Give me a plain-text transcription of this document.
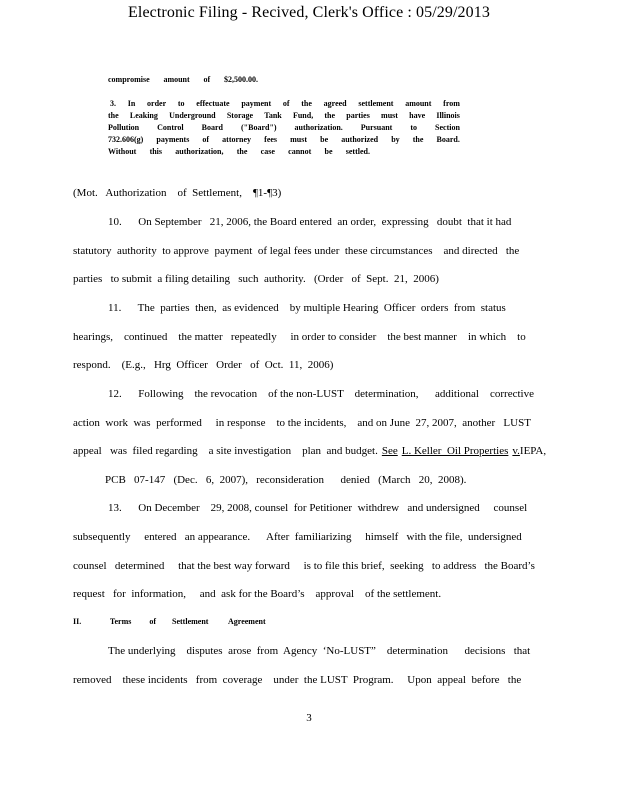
Electronic Filing - Recived, Clerk's Office : 05/29/2013
compromise amount of $2,500.00.
3. In order to effectuate payment of the agreed settlement amount from
the Leaking Underground Storage Tank Fund, the parties must have Illinois
Pollution Control Board ("Board") authorization. Pursuant to Section
732.606(g) payments of attorney fees must be authorized by the Board.
Without this authorization, the case cannot be settled.
(Mot.   Authorization    of  Settlement,    ¶1-¶3)
10.      On September   21, 2006, the Board entered  an order,  expressing   doubt  that it had
statutory  authority  to approve  payment  of legal fees under  these circumstances    and directed   the
parties   to submit  a filing detailing   such  authority.   (Order   of  Sept.  21,  2006)
11.      The  parties  then,  as evidenced    by multiple Hearing  Officer  orders  from  status
hearings,    continued    the matter   repeatedly     in order to consider    the best manner    in which    to
respond.    (E.g.,   Hrg  Officer   Order   of  Oct.  11,  2006)
12.      Following    the revocation    of the non-LUST    determination,      additional    corrective
action  work  was  performed     in response    to the incidents,    and on June  27, 2007,  another   LUST
appeal   was  filed regarding    a site investigation    plan  and budget. See L. Keller  Oil Properties v. IEPA,
PCB   07-147   (Dec.   6,  2007),   reconsideration      denied   (March   20,  2008).
13.      On December    29, 2008, counsel  for Petitioner  withdrew   and undersigned     counsel
subsequently     entered   an appearance.      After  familiarizing     himself   with the file,  undersigned
counsel   determined     that the best way forward     is to file this brief,  seeking   to address   the Board’s
request   for  information,     and  ask for the Board’s    approval    of the settlement.
The underlying    disputes  arose  from  Agency  ‘No-LUST”    determination      decisions   that
removed    these incidents   from  coverage    under  the LUST  Program.     Upon  appeal  before   the
II.	Terms of Settlement Agreement
3
